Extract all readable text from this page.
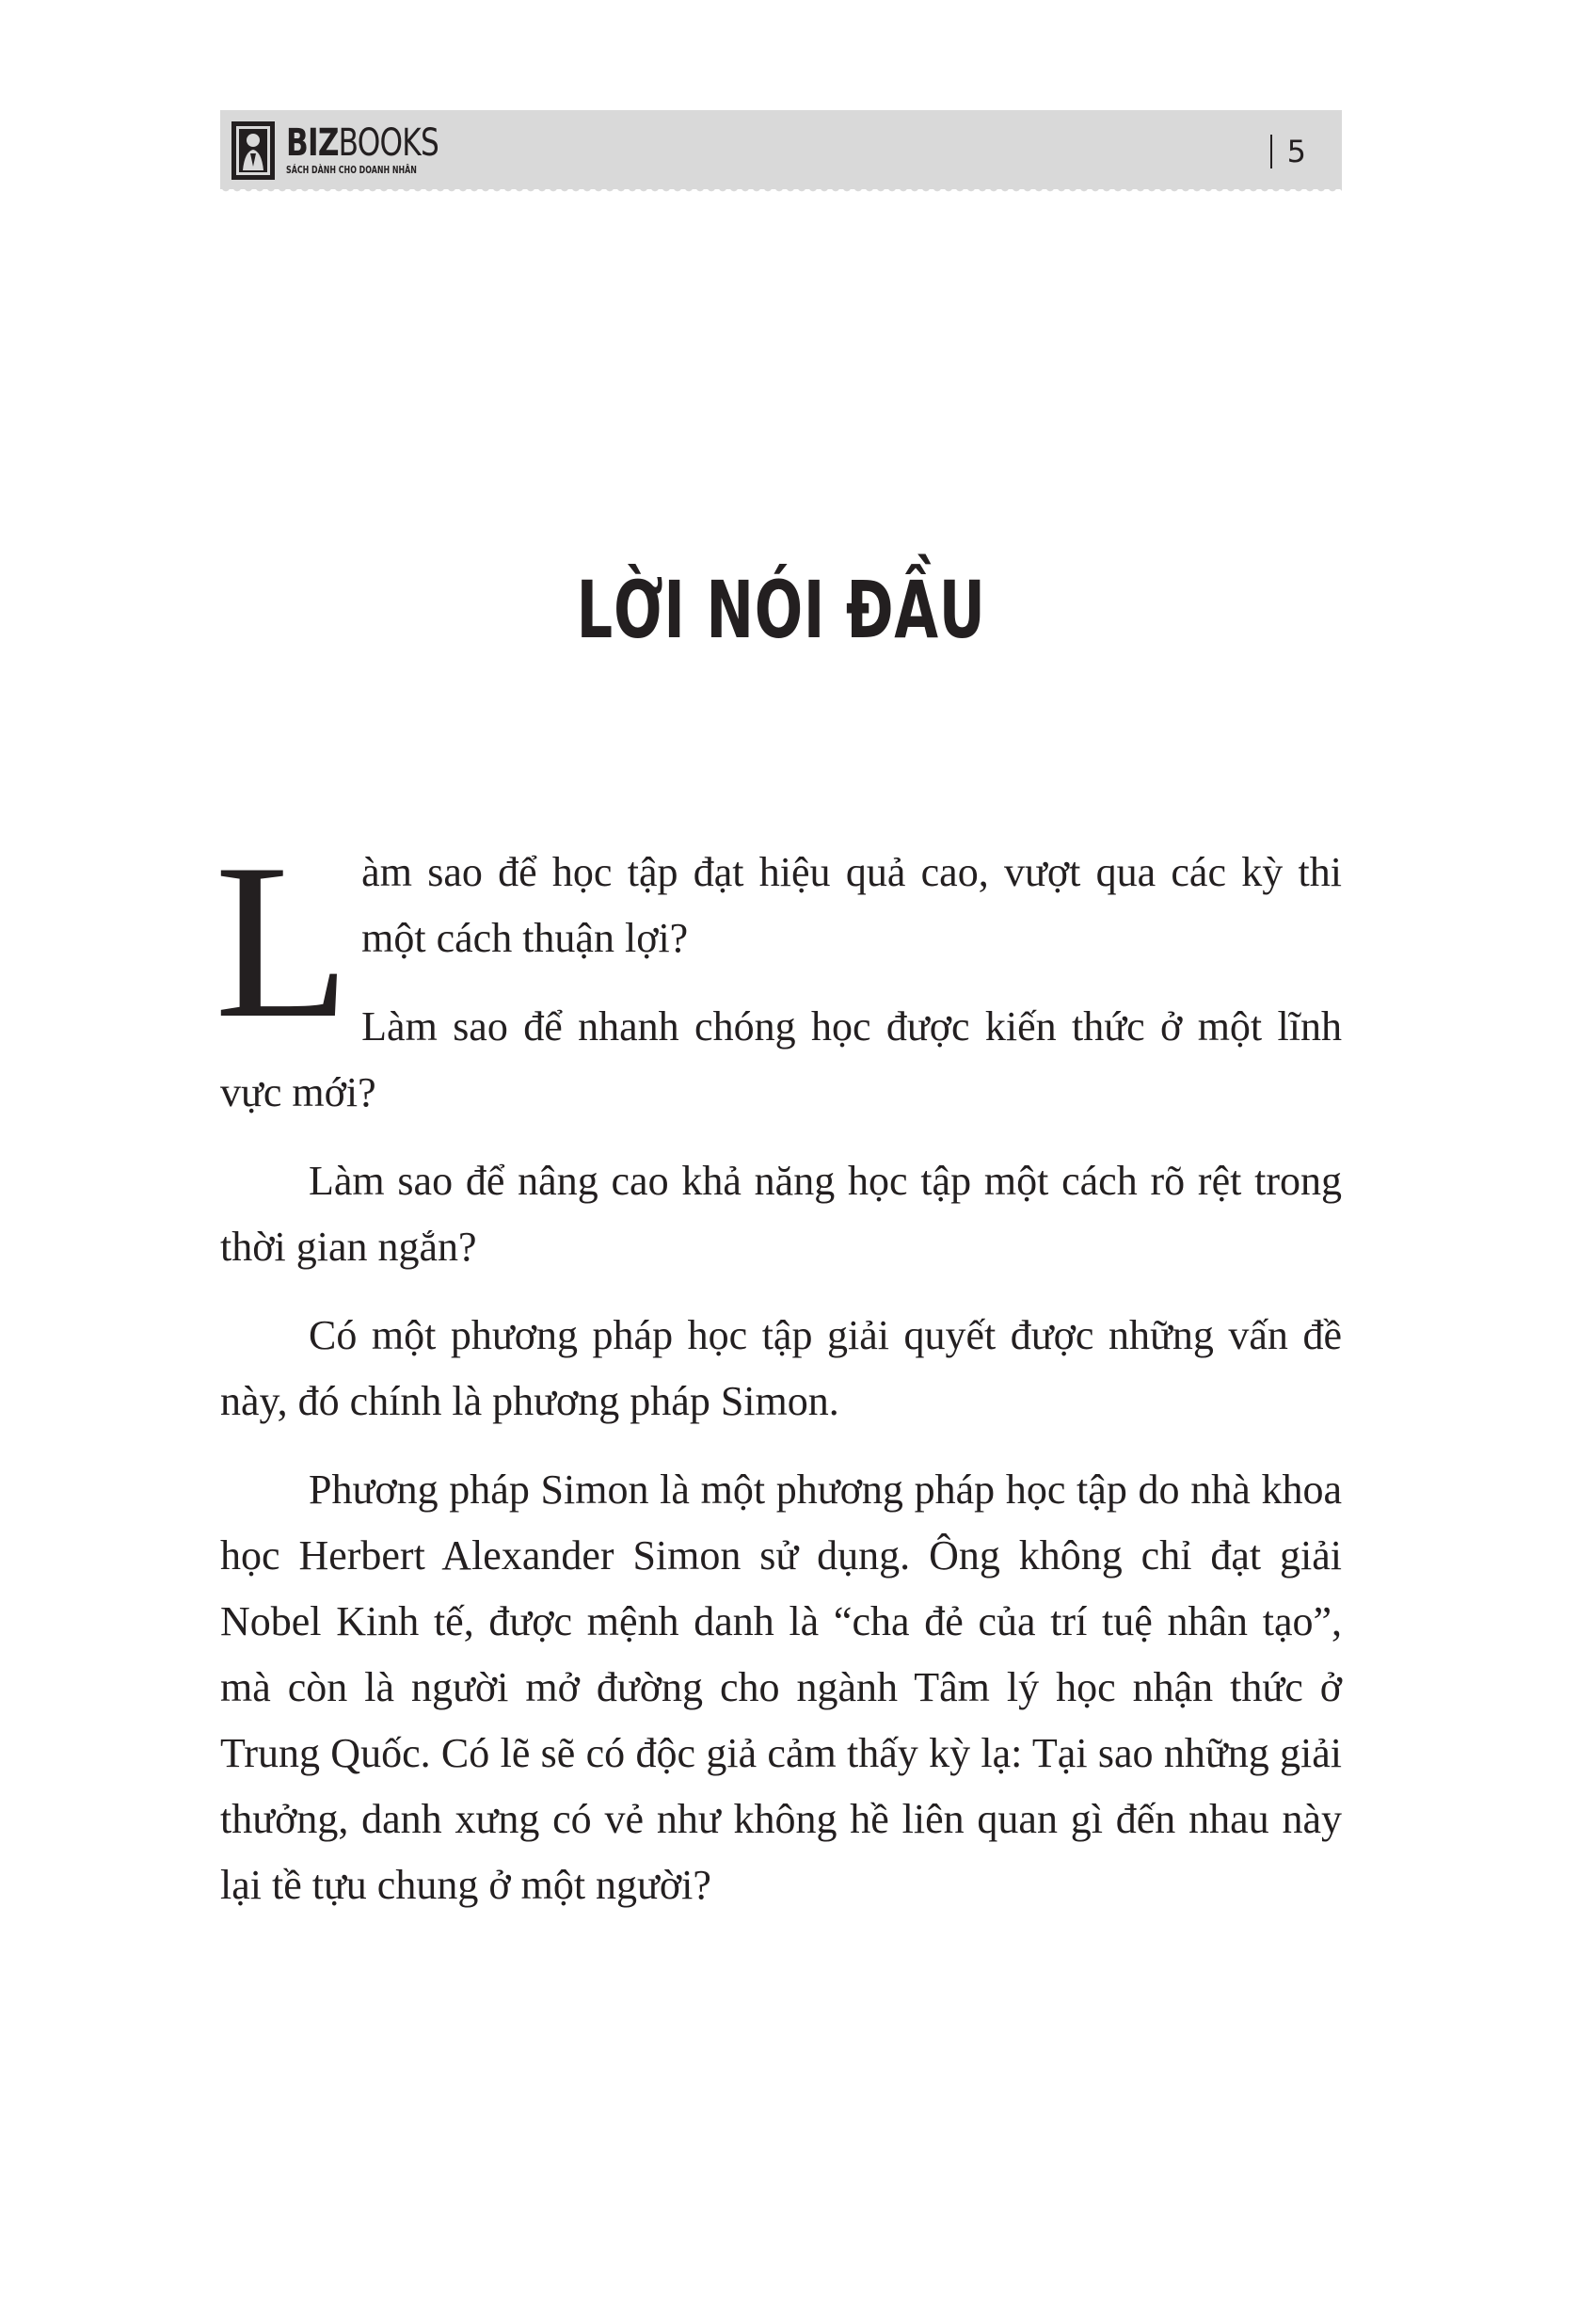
BIZBOOKS
SÁCH DÀNH CHO DOANH NHÂN
5
LỜI NÓI ĐẦU

Làm sao để học tập đạt hiệu quả cao, vượt qua các kỳ thi một cách thuận lợi?

Làm sao để nhanh chóng học được kiến thức ở một lĩnh vực mới?

Làm sao để nâng cao khả năng học tập một cách rõ rệt trong thời gian ngắn?

Có một phương pháp học tập giải quyết được những vấn đề này, đó chính là phương pháp Simon.

Phương pháp Simon là một phương pháp học tập do nhà khoa học Herbert Alexander Simon sử dụng. Ông không chỉ đạt giải Nobel Kinh tế, được mệnh danh là “cha đẻ của trí tuệ nhân tạo”, mà còn là người mở đường cho ngành Tâm lý học nhận thức ở Trung Quốc. Có lẽ sẽ có độc giả cảm thấy kỳ lạ: Tại sao những giải thưởng, danh xưng có vẻ như không hề liên quan gì đến nhau này lại tề tựu chung ở một người?
